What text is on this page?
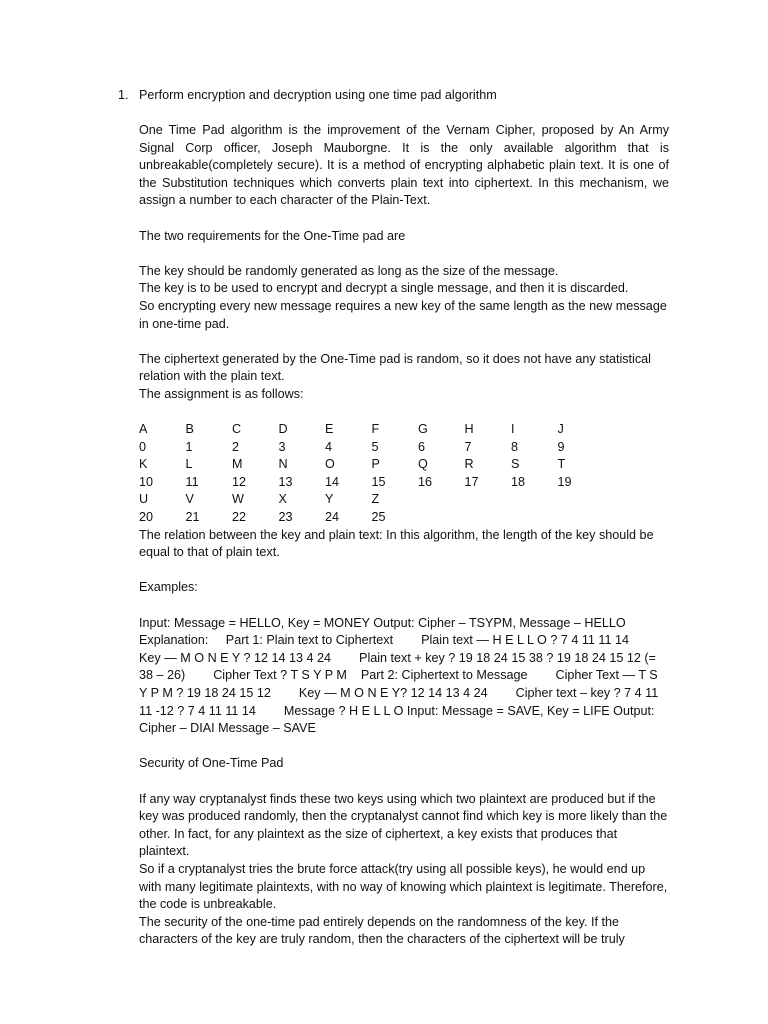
1. Perform encryption and decryption using one time pad algorithm

One Time Pad algorithm is the improvement of the Vernam Cipher, proposed by An Army Signal Corp officer, Joseph Mauborgne. It is the only available algorithm that is unbreakable(completely secure). It is a method of encrypting alphabetic plain text. It is one of the Substitution techniques which converts plain text into ciphertext. In this mechanism, we assign a number to each character of the Plain-Text.

The two requirements for the One-Time pad are

The key should be randomly generated as long as the size of the message.

The key is to be used to encrypt and decrypt a single message, and then it is discarded.

So encrypting every new message requires a new key of the same length as the new message in one-time pad.

The ciphertext generated by the One-Time pad is random, so it does not have any statistical relation with the plain text.

The assignment is as follows:

A	B	C	D	E	F	G	H	I	J
0	1	2	3	4	5	6	7	8	9
K	L	M	N	O	P	Q	R	S	T
10	11	12	13	14	15	16	17	18	19
U	V	W	X	Y	Z				
20	21	22	23	24	25				

The relation between the key and plain text: In this algorithm, the length of the key should be equal to that of plain text.

Examples:

Input: Message = HELLO, Key = MONEY Output: Cipher – TSYPM, Message – HELLO Explanation:     Part 1: Plain text to Ciphertext        Plain text — H E L L O ? 7 4 11 11 14        Key — M O N E Y ? 12 14 13 4 24        Plain text + key ? 19 18 24 15 38 ? 19 18 24 15 12 (= 38 – 26)        Cipher Text ? T S Y P M    Part 2: Ciphertext to Message        Cipher Text — T S Y P M ? 19 18 24 15 12        Key — M O N E Y? 12 14 13 4 24        Cipher text – key ? 7 4 11 11 -12 ? 7 4 11 11 14        Message ? H E L L O Input: Message = SAVE, Key = LIFE Output: Cipher – DIAI Message – SAVE

Security of One-Time Pad

If any way cryptanalyst finds these two keys using which two plaintext are produced but if the key was produced randomly, then the cryptanalyst cannot find which key is more likely than the other. In fact, for any plaintext as the size of ciphertext, a key exists that produces that plaintext.

So if a cryptanalyst tries the brute force attack(try using all possible keys), he would end up with many legitimate plaintexts, with no way of knowing which plaintext is legitimate. Therefore, the code is unbreakable.

The security of the one-time pad entirely depends on the randomness of the key. If the characters of the key are truly random, then the characters of the ciphertext will be truly
